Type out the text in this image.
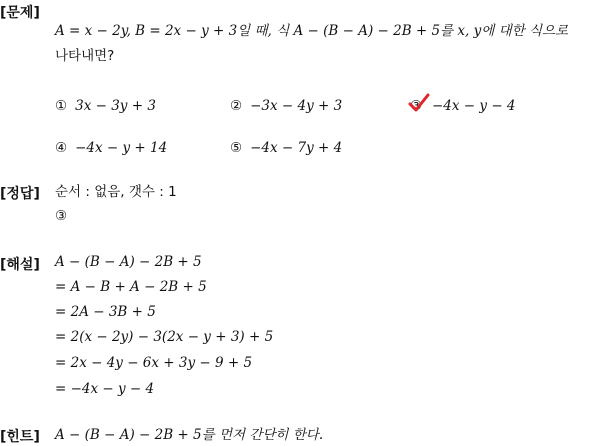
[문제]
A = x − 2y, B = 2x − y + 3일 때, 식 A − (B − A) − 2B + 5를 x, y에 대한 식으로
나타내면?
① 3x − 3y + 3	② −3x − 4y + 3	③ −4x − y − 4
④ −4x − y + 14	⑤ −4x − 7y + 4
[정답] 순서 : 없음, 갯수 : 1
③
[해설] A − (B − A) − 2B + 5
= A − B + A − 2B + 5
= 2A − 3B + 5
= 2(x − 2y) − 3(2x − y + 3) + 5
= 2x − 4y − 6x + 3y − 9 + 5
= −4x − y − 4
[힌트] A − (B − A) − 2B + 5를 먼저 간단히 한다.
